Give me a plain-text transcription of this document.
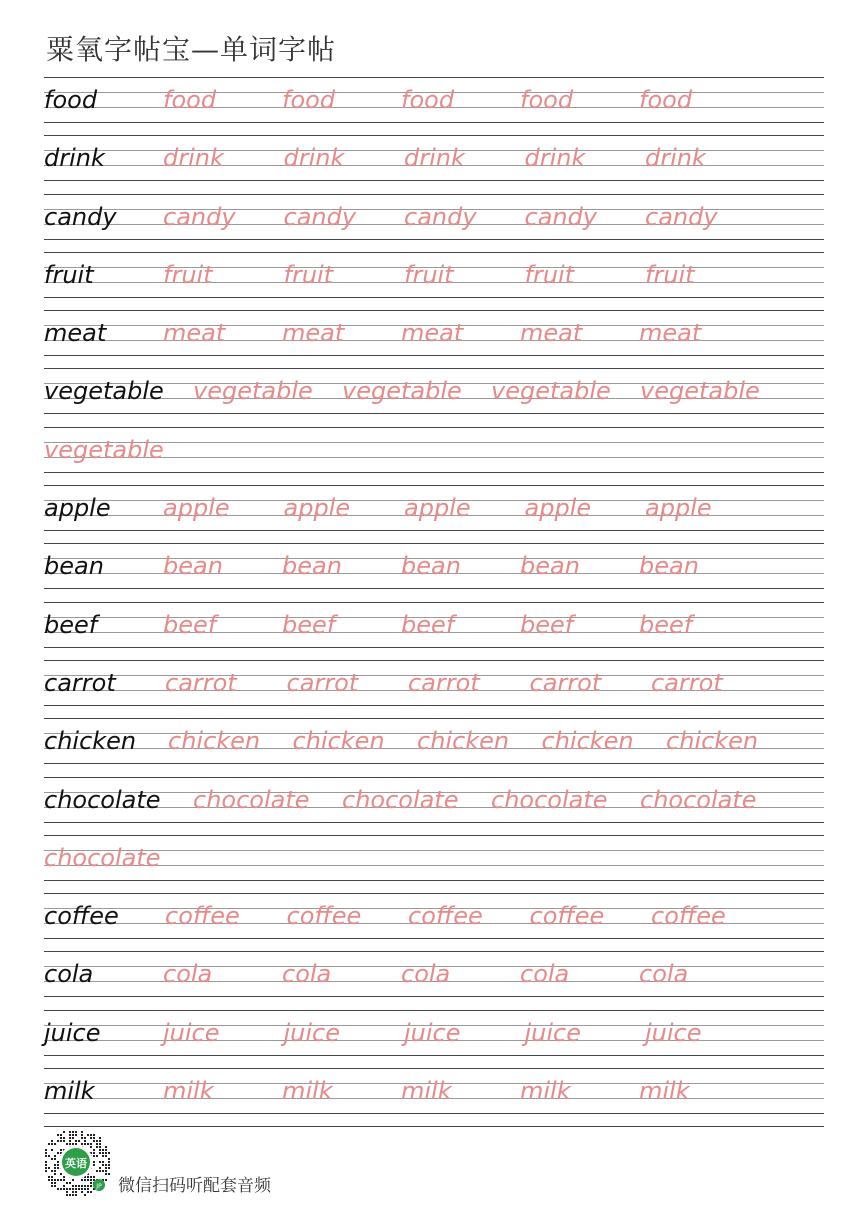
粟氧字帖宝—单词字帖
food	food	food	food	food	food
drink drink drink drink drink drink
candy candy candy candy candy candy
fruit	fruit	fruit	fruit	fruit	fruit
meat meat meat meat meat meat
vegetable vegetable vegetable vegetable vegetable
vegetable
apple apple apple apple apple apple
bean bean bean bean bean bean
beef	beef	beef	beef	beef	beef
carrot carrot carrot carrot carrot carrot
chicken chicken chicken chicken chicken chicken
chocolate chocolate chocolate chocolate chocolate
chocolate
coffee coffee coffee coffee coffee coffee
cola	cola	cola	cola	cola	cola
juice	juice	juice	juice	juice	juice
milk	milk	milk	milk	milk	milk
英语
JP 微信扫码听配套音频
